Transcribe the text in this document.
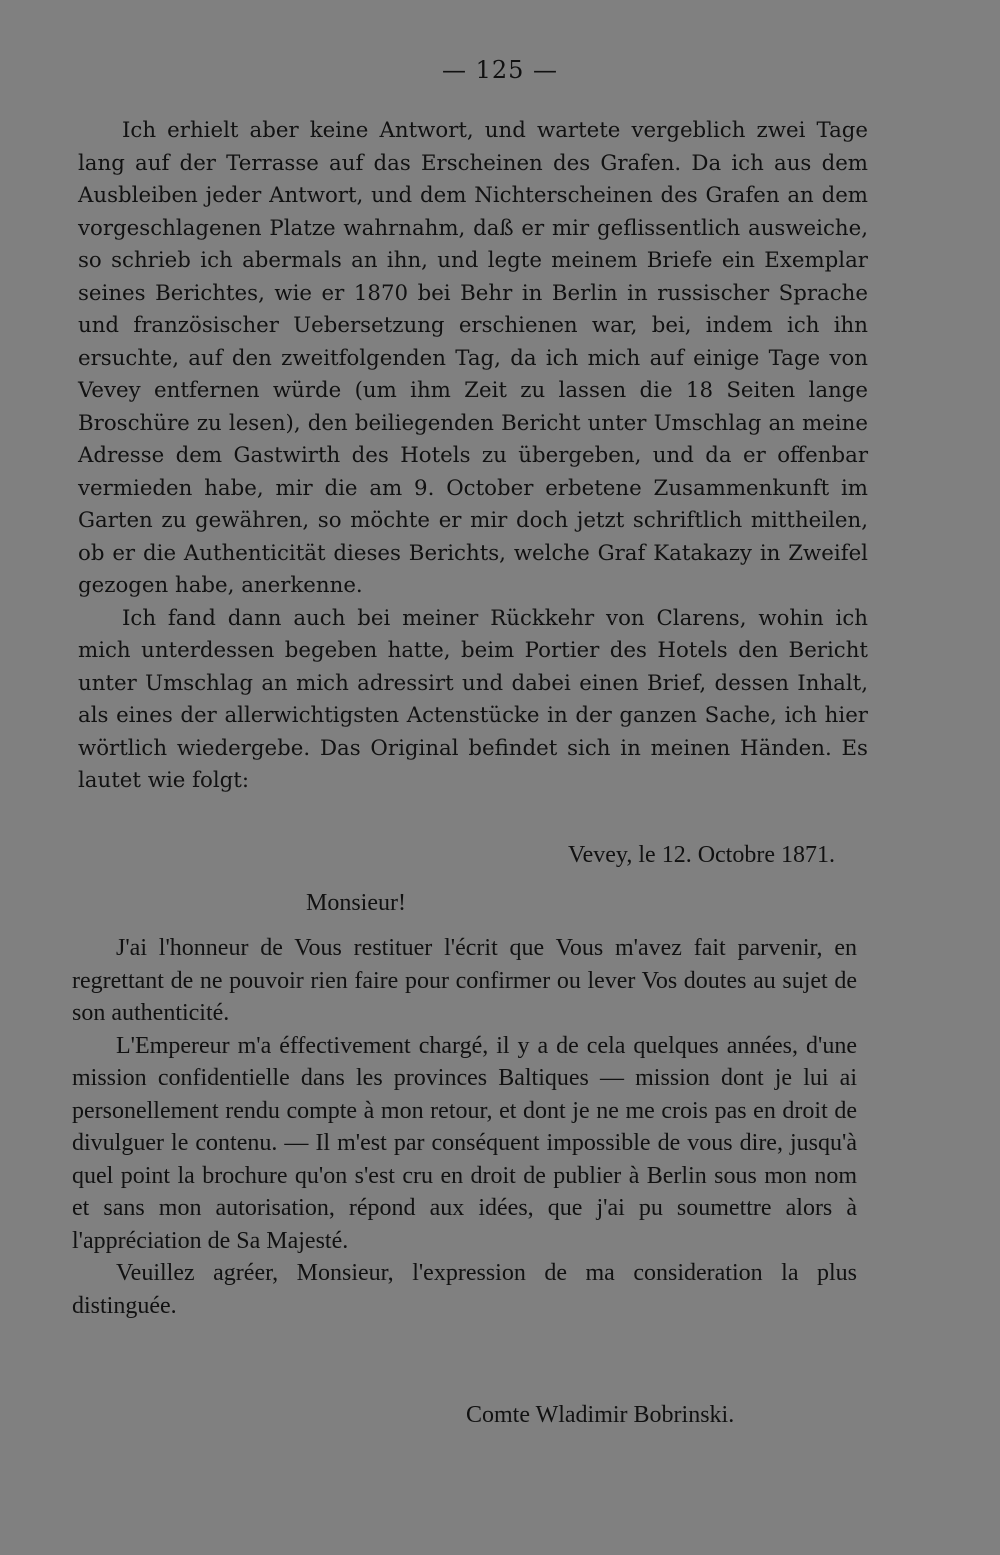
— 125 —

Ich erhielt aber keine Antwort, und wartete vergeblich zwei Tage lang auf der Terrasse auf das Erscheinen des Grafen. Da ich aus dem Ausbleiben jeder Antwort, und dem Nichterscheinen des Grafen an dem vorgeschlagenen Platze wahrnahm, daß er mir geflissentlich ausweiche, so schrieb ich abermals an ihn, und legte meinem Briefe ein Exemplar seines Berichtes, wie er 1870 bei Behr in Berlin in russischer Sprache und französischer Uebersetzung erschienen war, bei, indem ich ihn ersuchte, auf den zweitfolgenden Tag, da ich mich auf einige Tage von Vevey entfernen würde (um ihm Zeit zu lassen die 18 Seiten lange Broschüre zu lesen), den beiliegenden Bericht unter Umschlag an meine Adresse dem Gastwirth des Hotels zu übergeben, und da er offenbar vermieden habe, mir die am 9. October erbetene Zusammenkunft im Garten zu gewähren, so möchte er mir doch jetzt schriftlich mittheilen, ob er die Authenticität dieses Berichts, welche Graf Katakazy in Zweifel gezogen habe, anerkenne.

Ich fand dann auch bei meiner Rückkehr von Clarens, wohin ich mich unterdessen begeben hatte, beim Portier des Hotels den Bericht unter Umschlag an mich adressirt und dabei einen Brief, dessen Inhalt, als eines der allerwichtigsten Actenstücke in der ganzen Sache, ich hier wörtlich wiedergebe. Das Original befindet sich in meinen Händen. Es lautet wie folgt:

Vevey, le 12. Octobre 1871.
Monsieur!

J'ai l'honneur de Vous restituer l'écrit que Vous m'avez fait parvenir, en regrettant de ne pouvoir rien faire pour confirmer ou lever Vos doutes au sujet de son authenticité.

L'Empereur m'a éffectivement chargé, il y a de cela quelques années, d'une mission confidentielle dans les provinces Baltiques — mission dont je lui ai personellement rendu compte à mon retour, et dont je ne me crois pas en droit de divulguer le contenu. — Il m'est par conséquent impossible de vous dire, jusqu'à quel point la brochure qu'on s'est cru en droit de publier à Berlin sous mon nom et sans mon autorisation, répond aux idées, que j'ai pu soumettre alors à l'appréciation de Sa Majesté.

Veuillez agréer, Monsieur, l'expression de ma consideration la plus distinguée.

Comte Wladimir Bobrinski.
